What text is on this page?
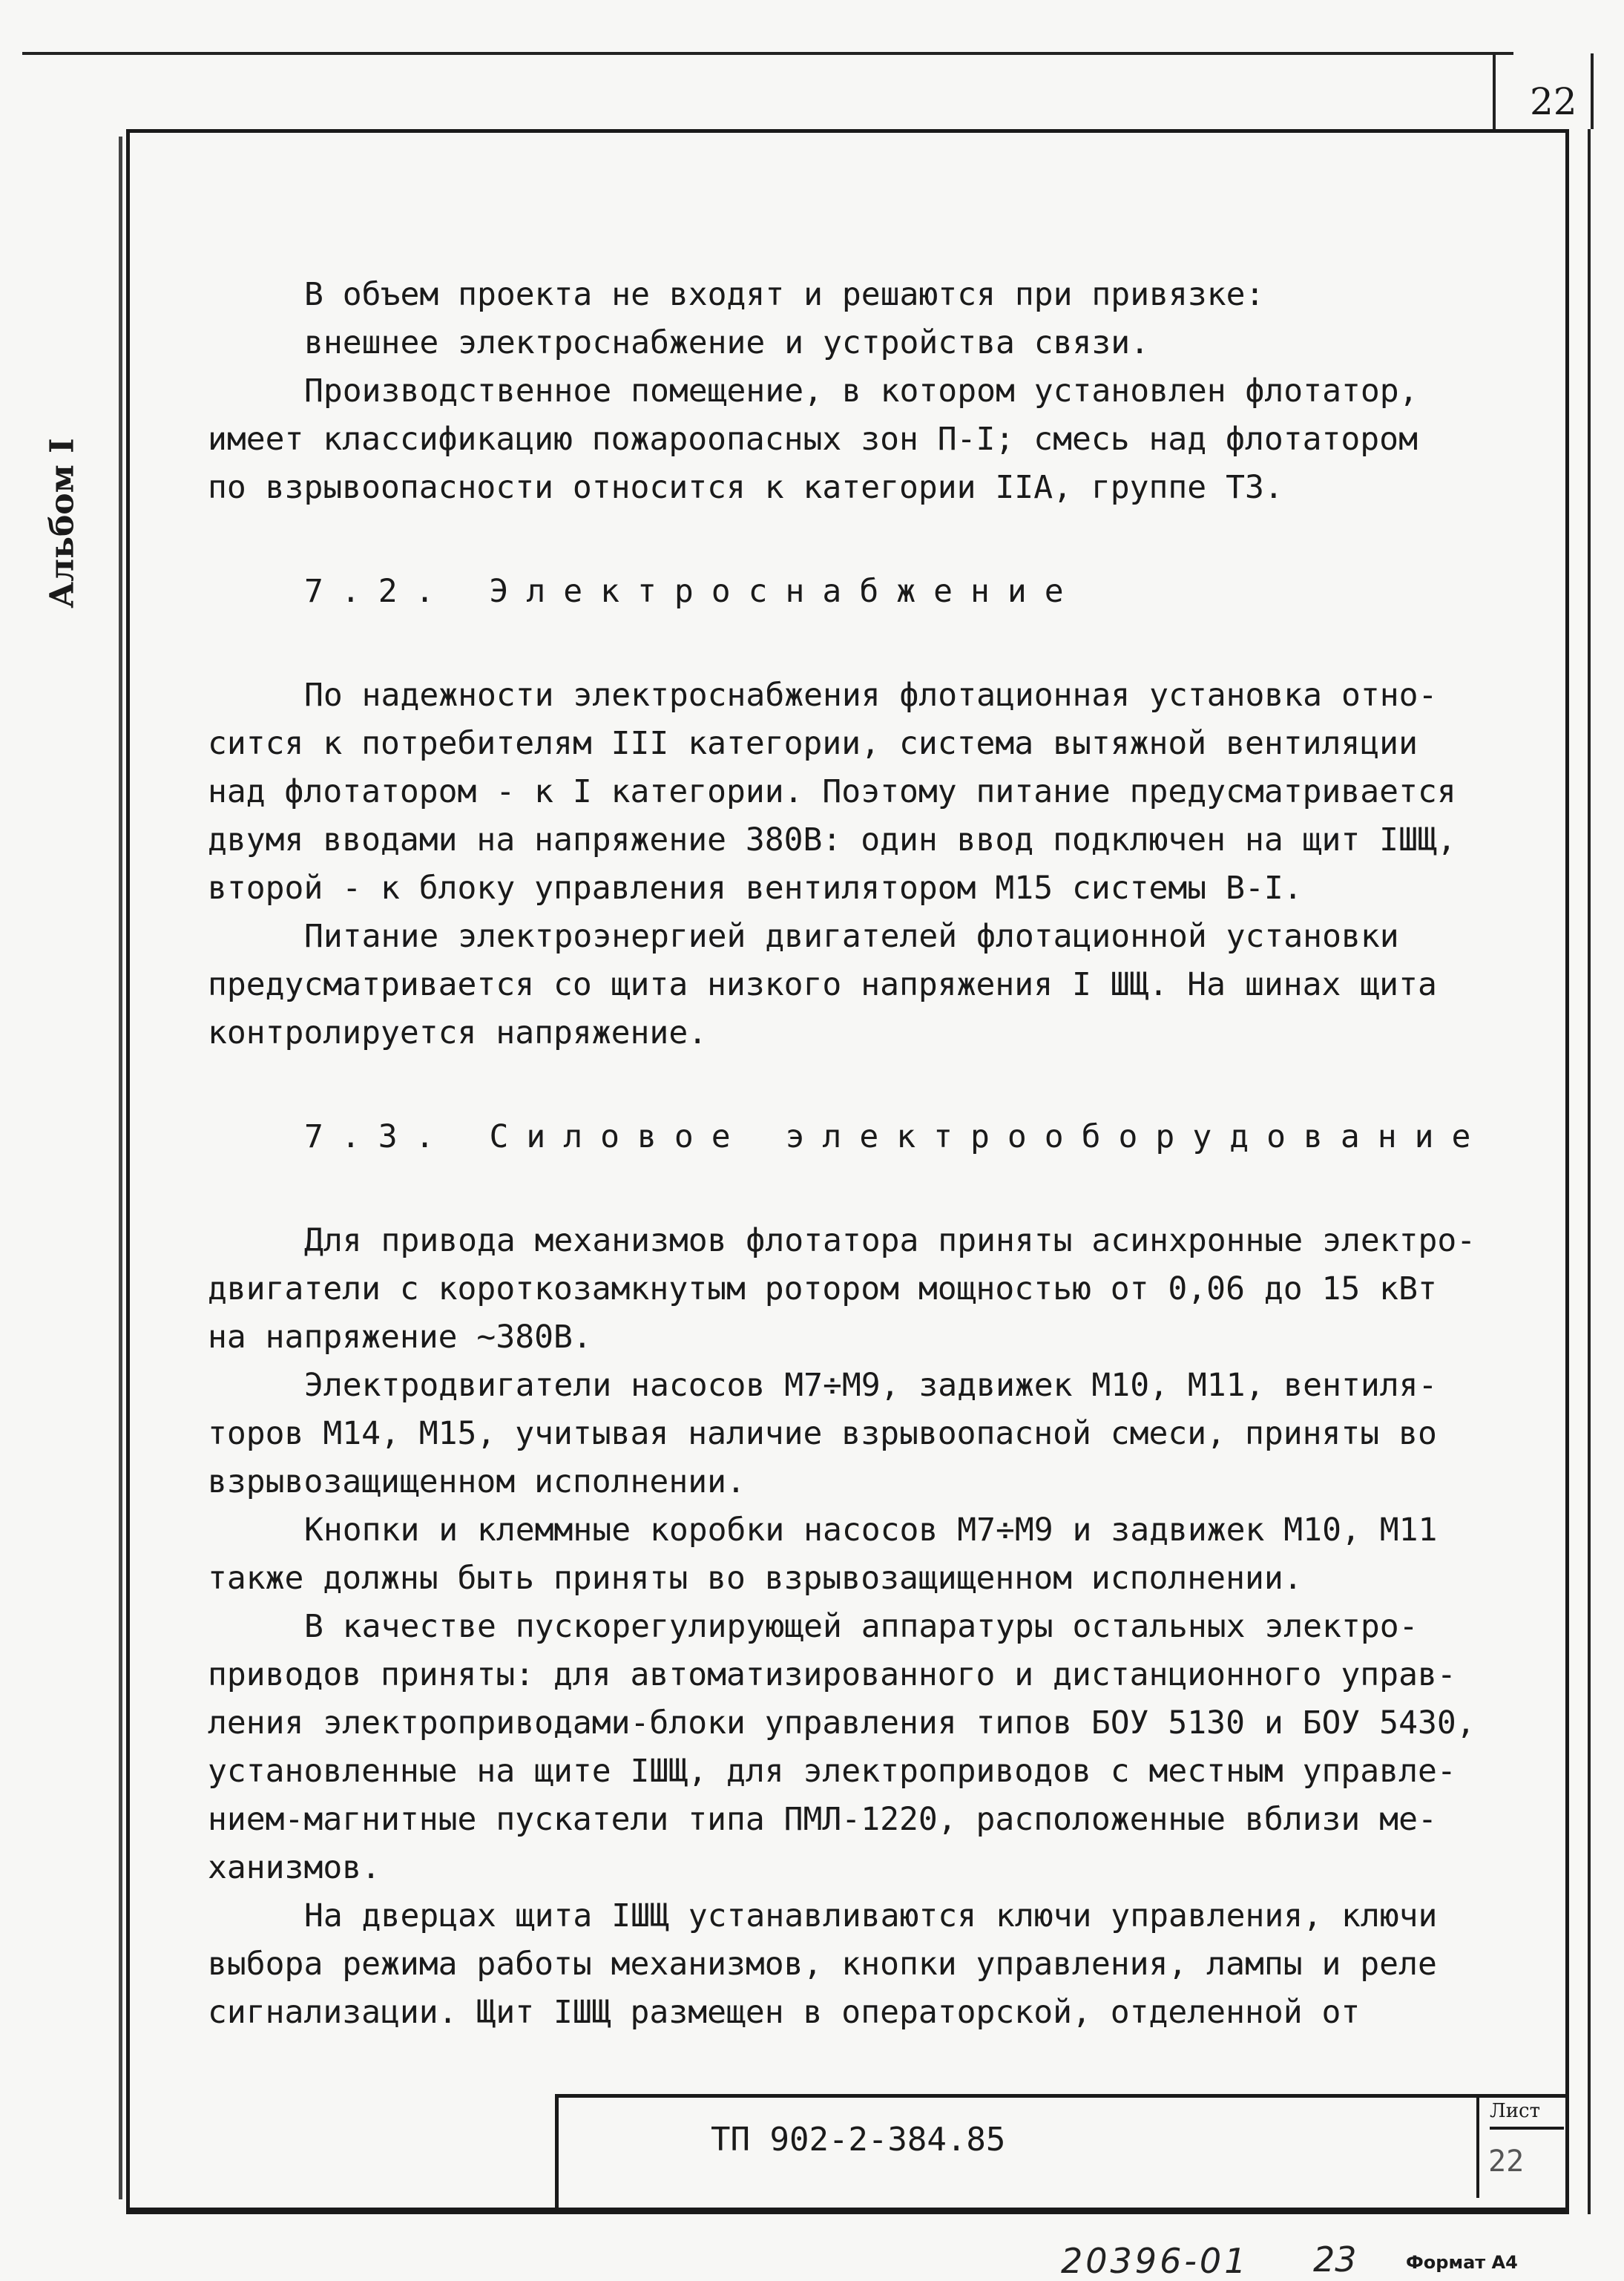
22
Альбом I
В объем проекта не входят и решаются при привязке:
внешнее электроснабжение и устройства связи.
Производственное помещение, в котором установлен флотатор,
имеет классификацию пожароопасных зон П-I; смесь над флотатором
по взрывоопасности относится к категории IIА, группе Т3.
7.2. Электроснабжение
По надежности электроснабжения флотационная установка отно-
сится к потребителям III категории, система вытяжной вентиляции
над флотатором - к I категории. Поэтому питание предусматривается
двумя вводами на напряжение 380В: один ввод подключен на щит IШЩ,
второй - к блоку управления вентилятором М15 системы В-I.
Питание электроэнергией двигателей флотационной установки
предусматривается со щита низкого напряжения I ШЩ. На шинах щита
контролируется напряжение.
7.3. Силовое электрооборудование
Для привода механизмов флотатора приняты асинхронные электро-
двигатели с короткозамкнутым ротором мощностью от 0,06 до 15 кВт
на напряжение ~380В.
Электродвигатели насосов М7÷М9, задвижек М10, М11, вентиля-
торов М14, М15, учитывая наличие взрывоопасной смеси, приняты во
взрывозащищенном исполнении.
Кнопки и клеммные коробки насосов М7÷М9 и задвижек М10, М11
также должны быть приняты во взрывозащищенном исполнении.
В качестве пускорегулирующей аппаратуры остальных электро-
приводов приняты: для автоматизированного и дистанционного управ-
ления электроприводами-блоки управления типов БОУ 5130 и БОУ 5430,
установленные на щите IШЩ, для электроприводов с местным управле-
нием-магнитные пускатели типа ПМЛ-1220, расположенные вблизи ме-
ханизмов.
На дверцах щита IШЩ устанавливаются ключи управления, ключи
выбора режима работы механизмов, кнопки управления, лампы и реле
сигнализации. Щит IШЩ размещен в операторской, отделенной от
ТП 902-2-384.85
Лист
22
20396-01 23	Формат А4
